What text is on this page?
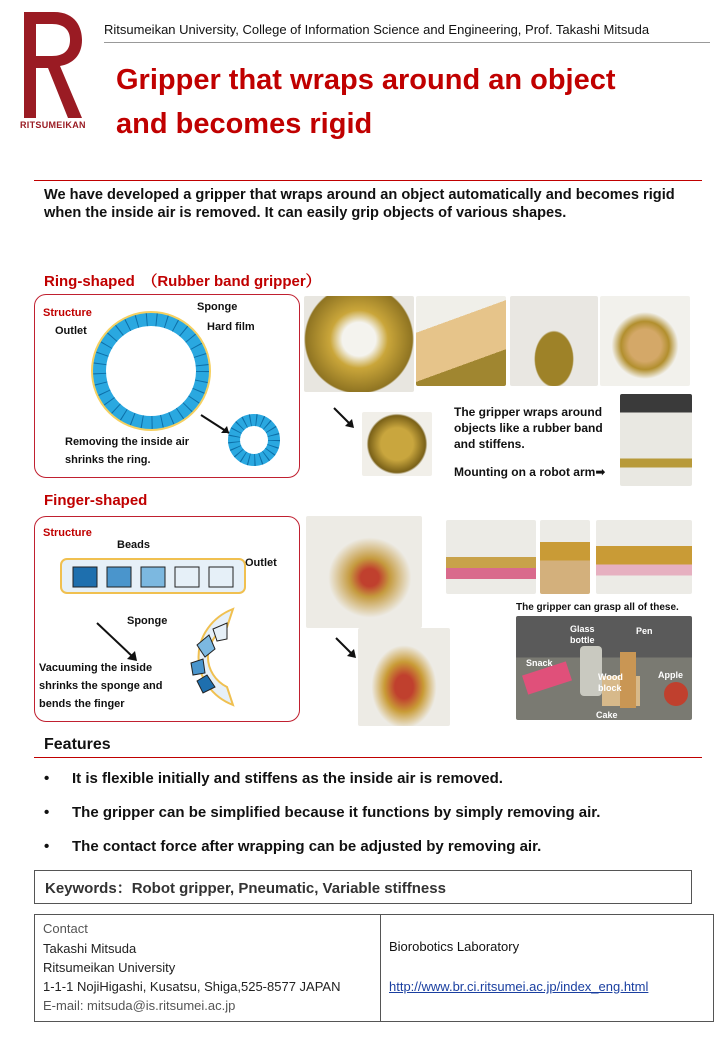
RITSUMEIKAN
Ritsumeikan University, College of Information Science and Engineering, Prof. Takashi Mitsuda
Gripper that wraps around an object
and becomes rigid
We have developed a gripper that wraps around an object automatically and becomes rigid when the inside air is removed. It can easily grip objects of various shapes.
Ring-shaped　（Rubber band gripper）
Structure
Outlet
Sponge
Hard film
Removing the inside air shrinks the ring.
The gripper wraps around objects like a rubber band and stiffens.
Mounting on a robot arm➡
Finger-shaped
Structure
Beads
Outlet
Sponge
Vacuuming the inside shrinks the sponge and bends the finger
The gripper can grasp all of these.
Glass bottle
Pen
Snack
Wood block
Apple
Cake
Features
• It is flexible initially and stiffens as the inside air is removed.
• The gripper can be simplified because it functions by simply removing air.
• The contact force after wrapping can be adjusted by removing air.
Keywords：Robot gripper, Pneumatic, Variable stiffness
Contact
Takashi Mitsuda
Ritsumeikan University
1-1-1 NojiHigashi, Kusatsu, Shiga,525-8577 JAPAN
E-mail: mitsuda@is.ritsumei.ac.jp
Biorobotics Laboratory
http://www.br.ci.ritsumei.ac.jp/index_eng.html
